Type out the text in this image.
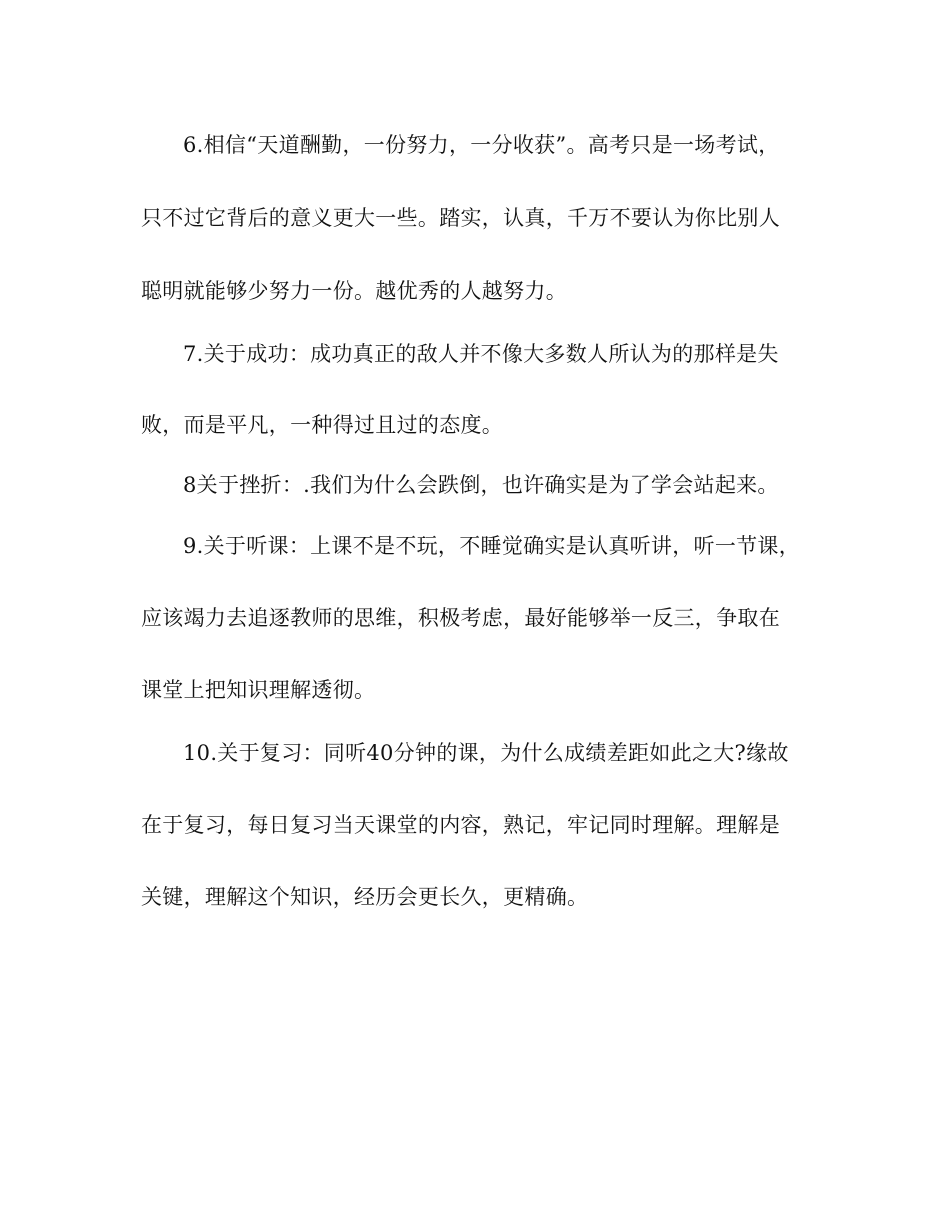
6.相信“天道酬勤，一份努力，一分收获”。高考只是一场考试，
只不过它背后的意义更大一些。踏实，认真，千万不要认为你比别人
聪明就能够少努力一份。越优秀的人越努力。
7.关于成功：成功真正的敌人并不像大多数人所认为的那样是失
败，而是平凡，一种得过且过的态度。
8关于挫折：.我们为什么会跌倒，也许确实是为了学会站起来。
9.关于听课：上课不是不玩，不睡觉确实是认真听讲，听一节课，
应该竭力去追逐教师的思维，积极考虑，最好能够举一反三，争取在
课堂上把知识理解透彻。
10.关于复习：同听40分钟的课，为什么成绩差距如此之大?缘故
在于复习，每日复习当天课堂的内容，熟记，牢记同时理解。理解是
关键，理解这个知识，经历会更长久，更精确。
